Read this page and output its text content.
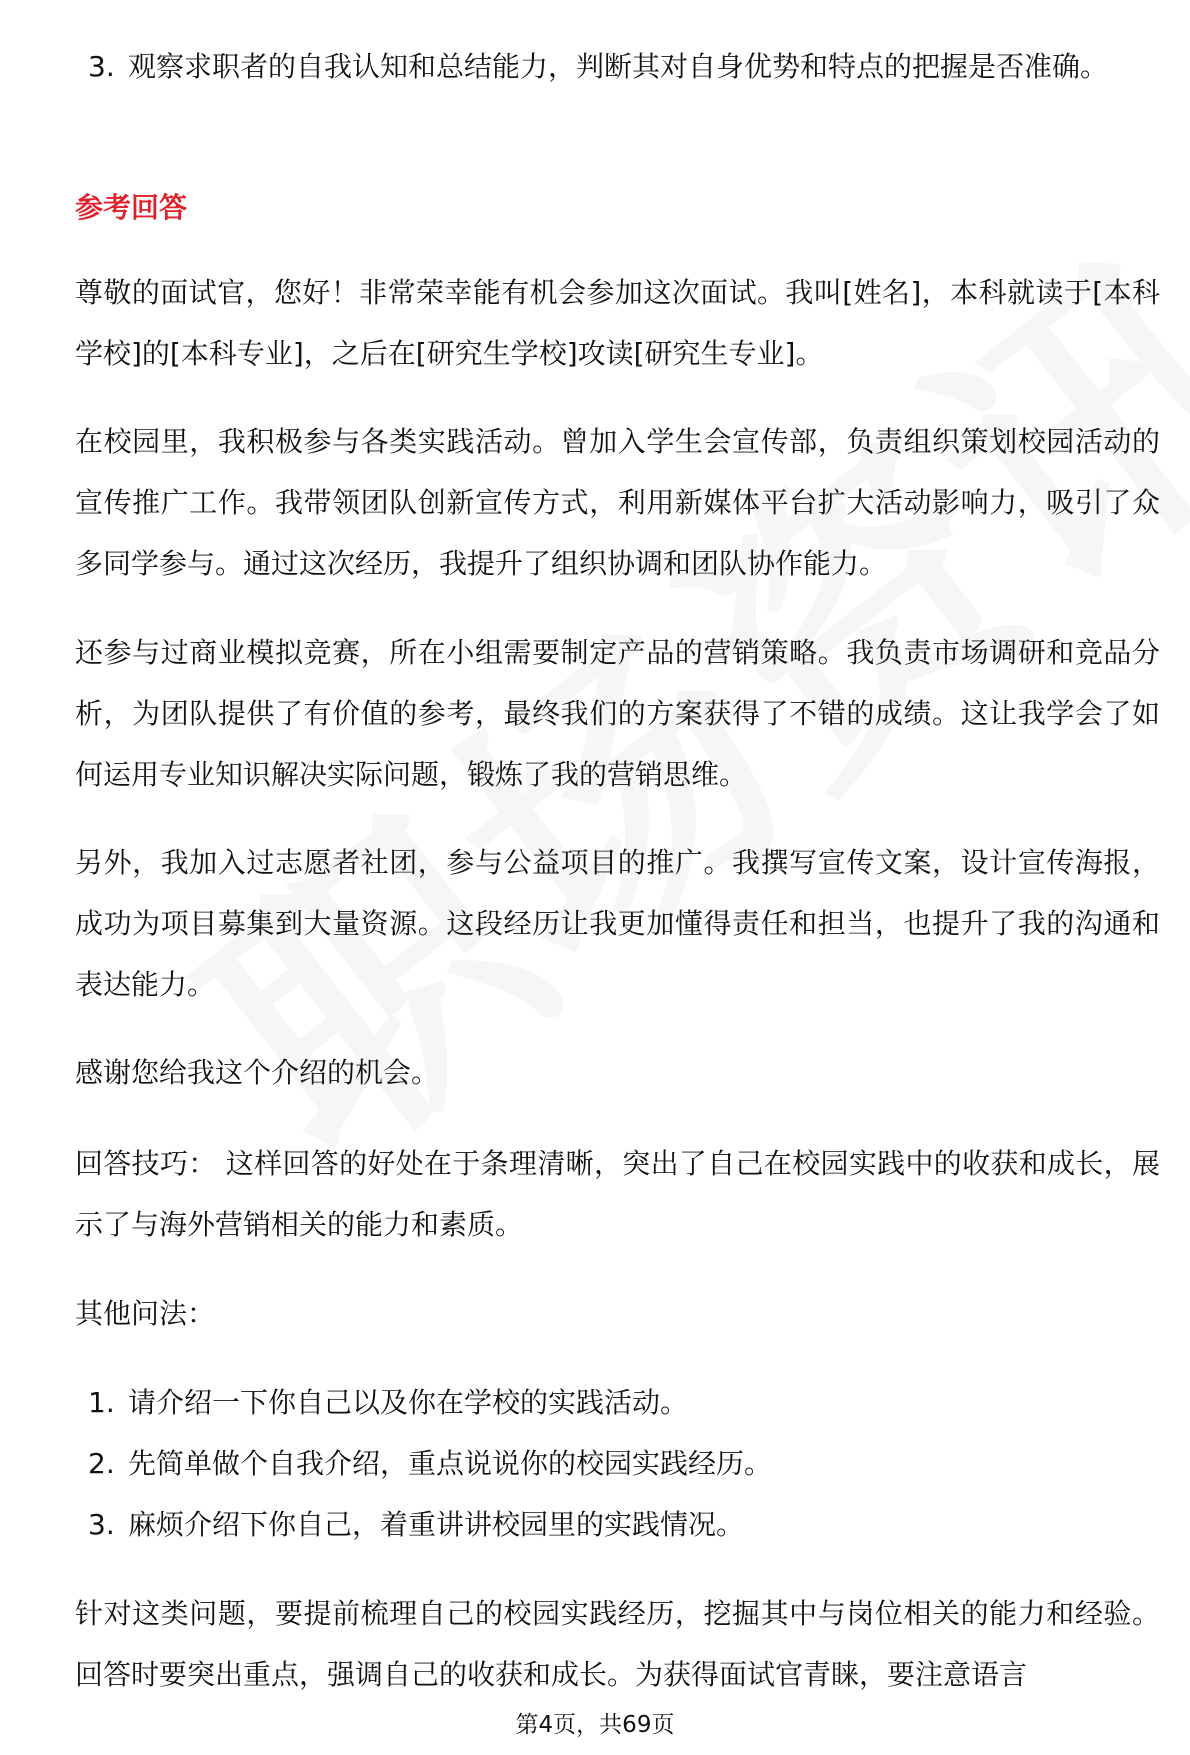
3. 观察求职者的自我认知和总结能力，判断其对自身优势和特点的把握是否准确。
参考回答
尊敬的面试官，您好！非常荣幸能有机会参加这次面试。我叫[姓名]，本科就读于[本科学校]的[本科专业]，之后在[研究生学校]攻读[研究生专业]。
在校园里，我积极参与各类实践活动。曾加入学生会宣传部，负责组织策划校园活动的宣传推广工作。我带领团队创新宣传方式，利用新媒体平台扩大活动影响力，吸引了众多同学参与。通过这次经历，我提升了组织协调和团队协作能力。
还参与过商业模拟竞赛，所在小组需要制定产品的营销策略。我负责市场调研和竞品分析，为团队提供了有价值的参考，最终我们的方案获得了不错的成绩。这让我学会了如何运用专业知识解决实际问题，锻炼了我的营销思维。
另外，我加入过志愿者社团，参与公益项目的推广。我撰写宣传文案，设计宣传海报，成功为项目募集到大量资源。这段经历让我更加懂得责任和担当，也提升了我的沟通和表达能力。
感谢您给我这个介绍的机会。
回答技巧： 这样回答的好处在于条理清晰，突出了自己在校园实践中的收获和成长，展示了与海外营销相关的能力和素质。
其他问法：
1. 请介绍一下你自己以及你在学校的实践活动。
2. 先简单做个自我介绍，重点说说你的校园实践经历。
3. 麻烦介绍下你自己，着重讲讲校园里的实践情况。
针对这类问题，要提前梳理自己的校园实践经历，挖掘其中与岗位相关的能力和经验。回答时要突出重点，强调自己的收获和成长。为获得面试官青睐，要注意语言
第4页，共69页
